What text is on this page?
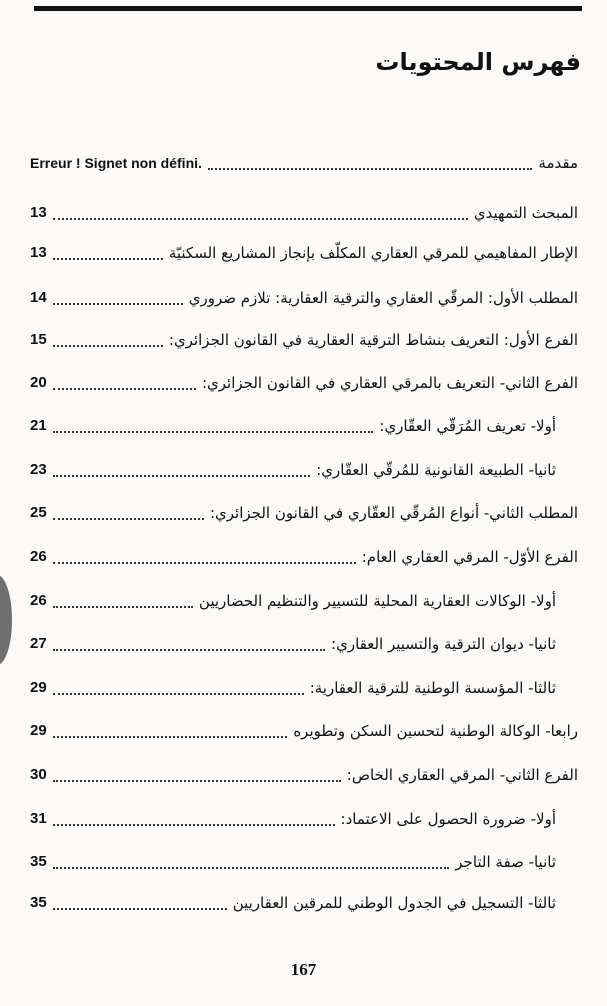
فهرس المحتويات
مقدمة
Erreur ! Signet non défini.
المبحث التمهيدي
13
الإطار المفاهيمي للمرقي العقاري المكلّف بإنجاز المشاريع السكنيّة
13
المطلب الأول: المرقّي العقاري والترقية العقارية: تلازم ضروري
14
الفرع الأول: التعريف بنشاط الترقية العقارية في القانون الجزائري:
15
الفرع الثاني- التعريف بالمرقي العقاري في القانون الجزائري:
20
أولا- تعريف المُرَقّي العقّاري:
21
ثانيا- الطبيعة القانونية للمُرقّي العقّاري:
23
المطلب الثاني- أنواع المُرقّي العقّاري في القانون الجزائري:
25
الفرع الأوّل- المرقي العقاري العام:
26
أولا- الوكالات العقارية المحلية للتسيير والتنظيم الحضاريين
26
ثانيا- ديوان الترقية والتسيير العقاري:
27
ثالثا- المؤسسة الوطنية للترقية العقارية:
29
رابعا- الوكالة الوطنية لتحسين السكن وتطويره
29
الفرع الثاني- المرقي العقاري الخاص:
30
أولا- ضرورة الحصول على الاعتماد:
31
ثانيا- صفة التاجر
35
ثالثا- التسجيل في الجدول الوطني للمرقين العقاريين
35
167
